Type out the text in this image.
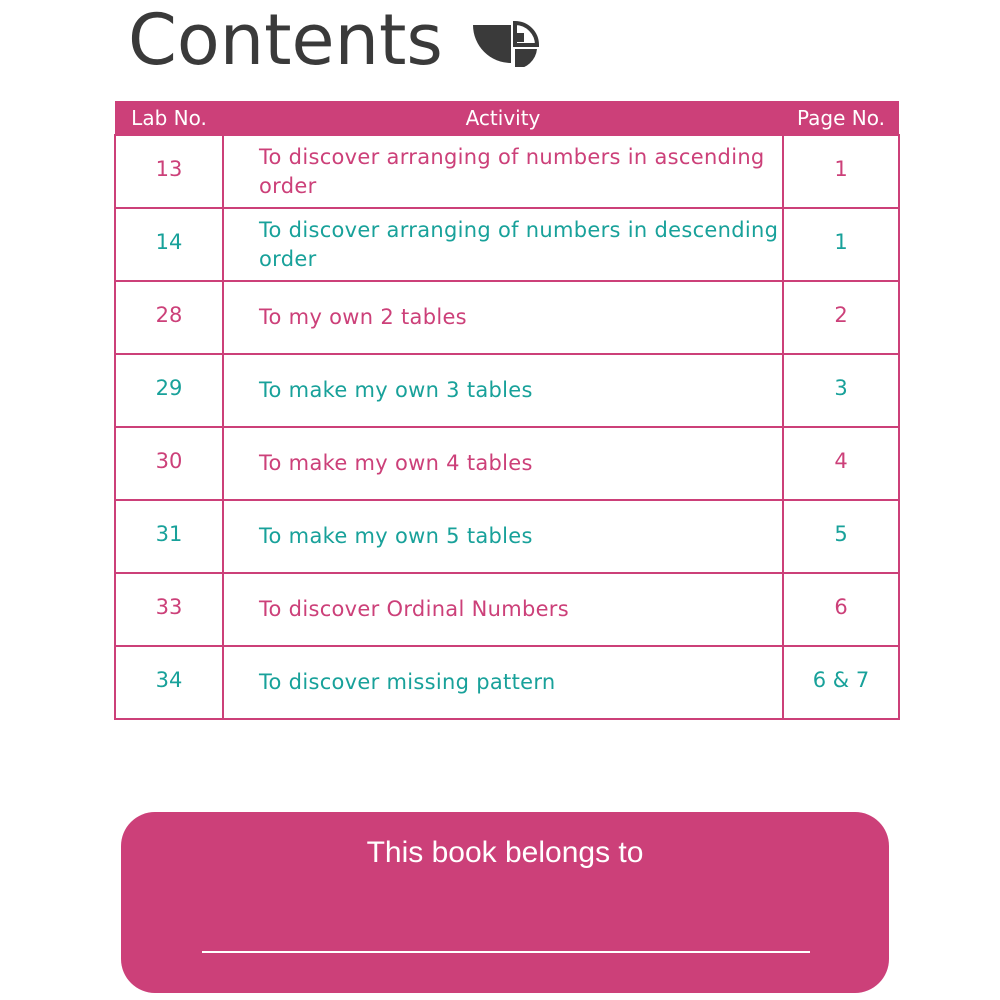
Contents
Lab No.	Activity	Page No.
13	To discover arranging of numbers in ascending order	1
14	To discover arranging of numbers in descending order	1
28	To my own 2 tables	2
29	To make my own 3 tables	3
30	To make my own 4 tables	4
31	To make my own 5 tables	5
33	To discover Ordinal Numbers	6
34	To discover missing pattern	6 & 7
This book belongs to
